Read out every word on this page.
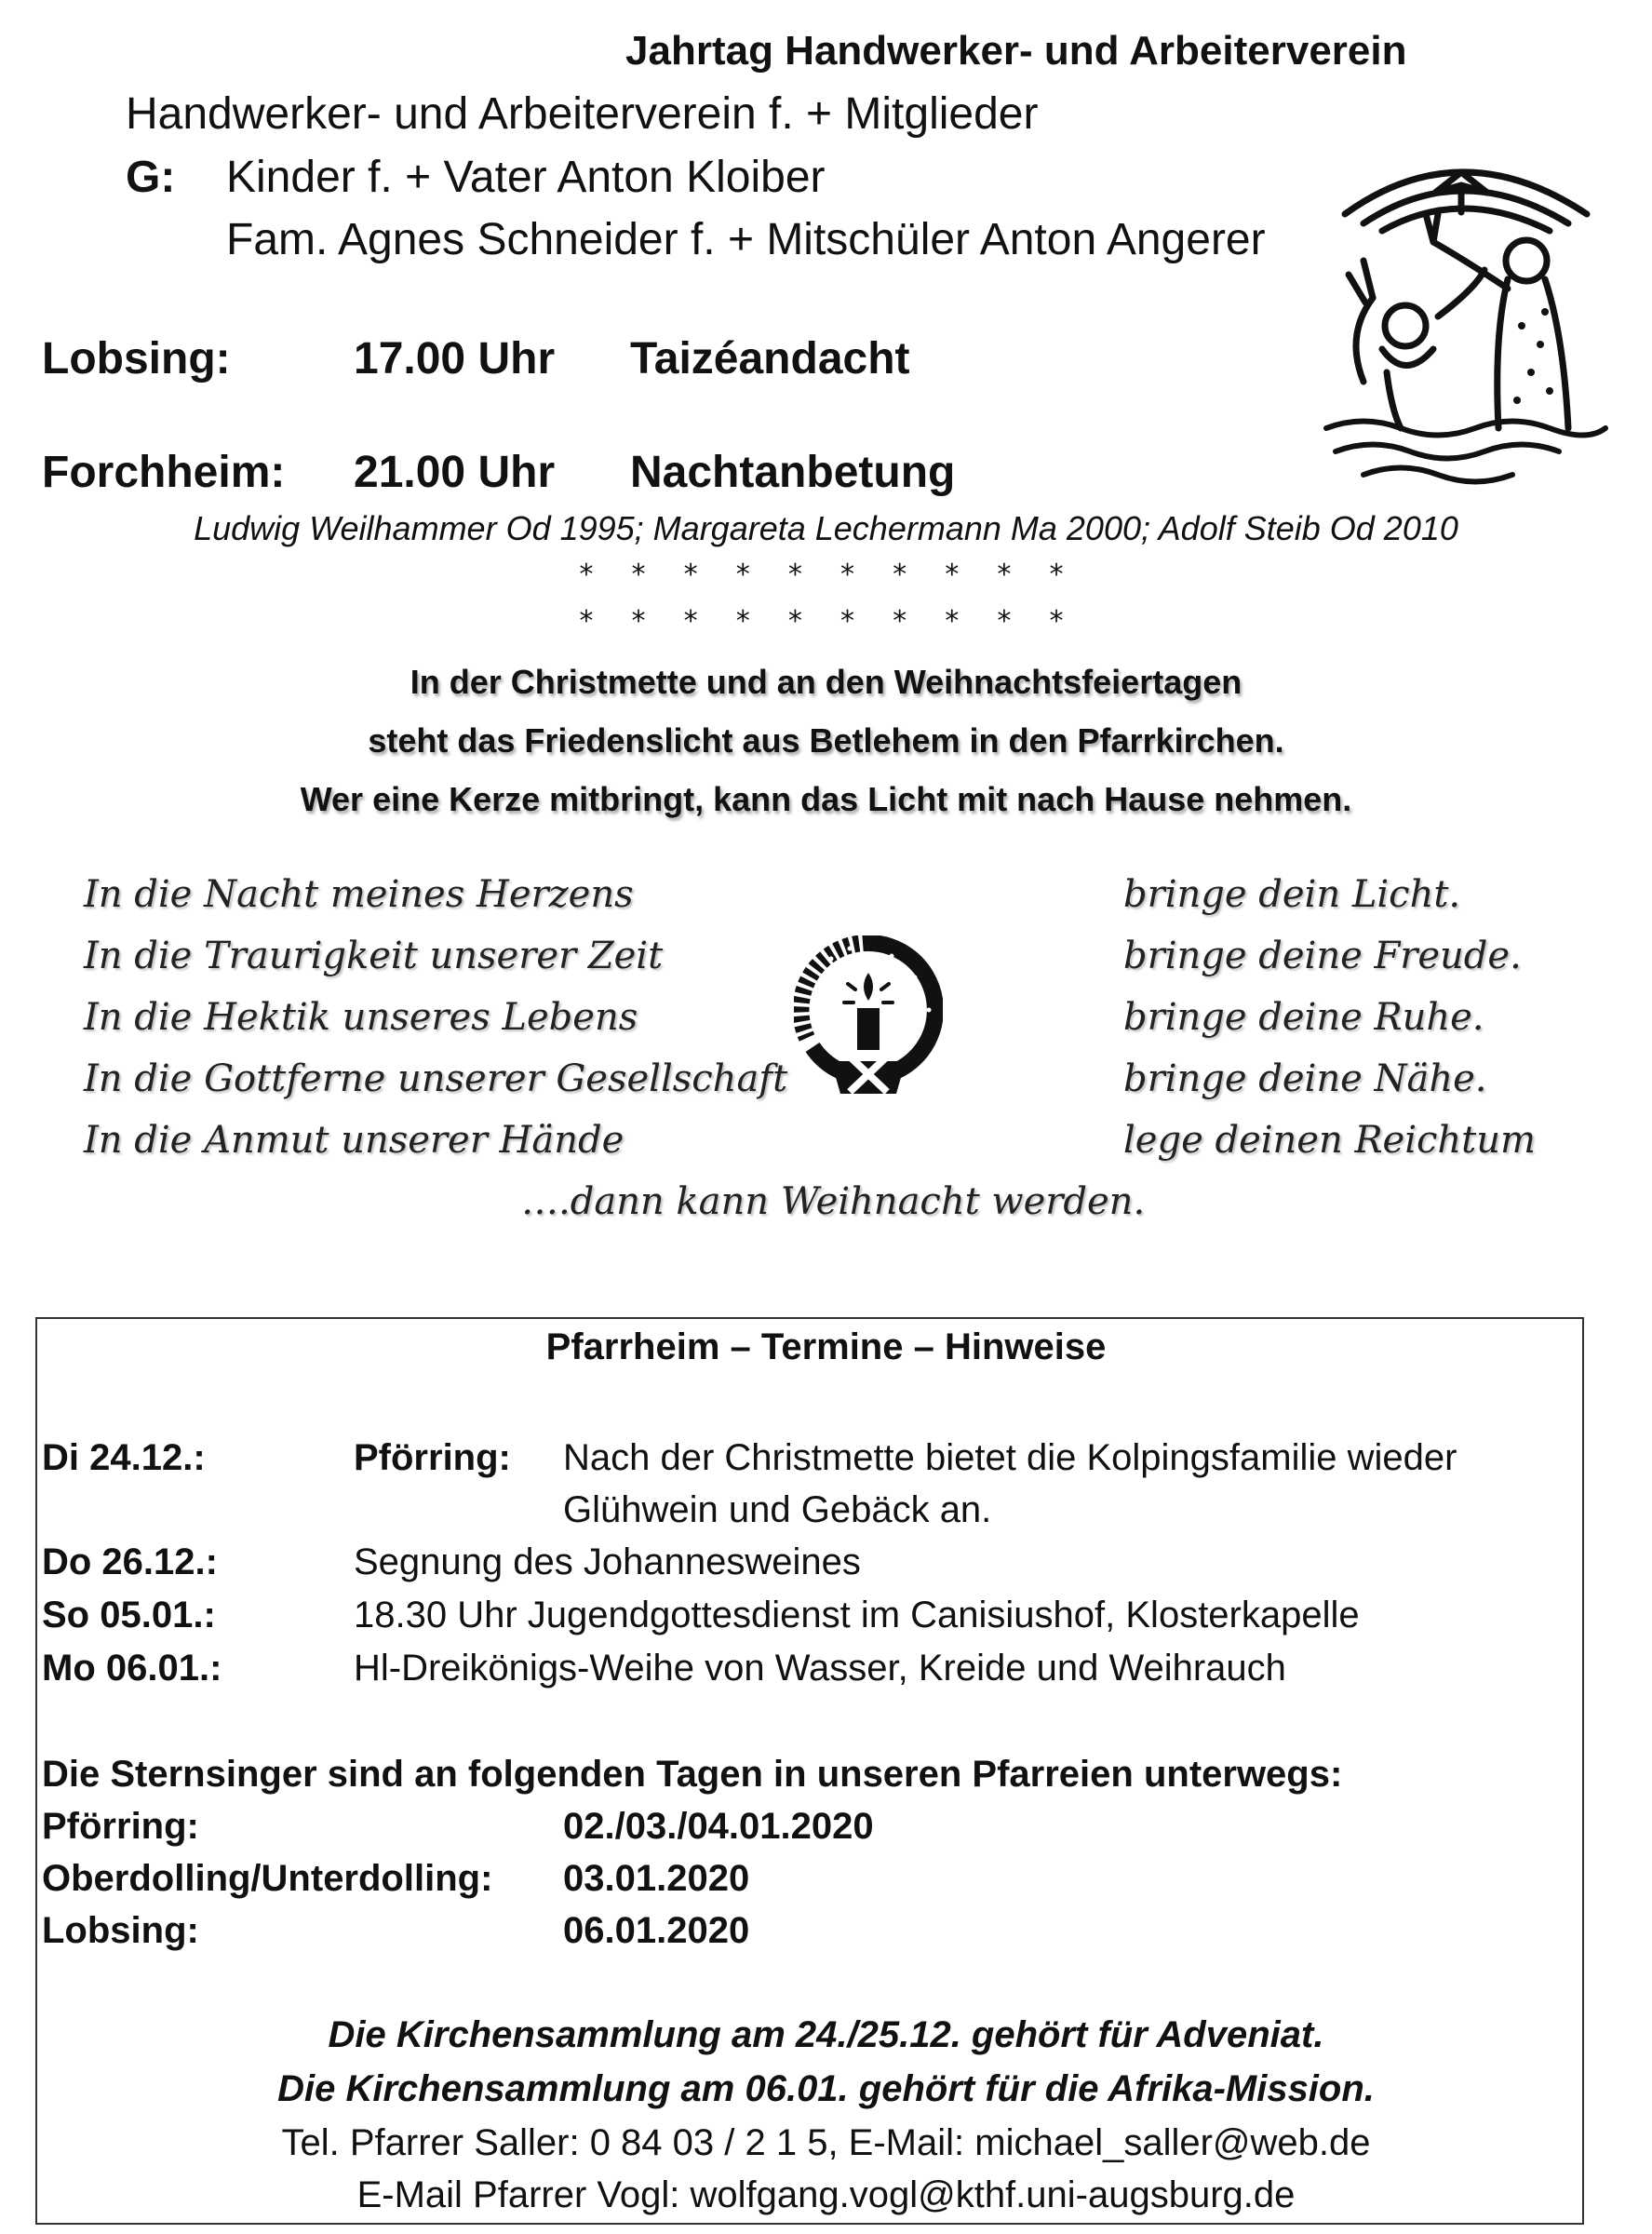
Jahrtag Handwerker- und Arbeiterverein
Handwerker- und Arbeiterverein f. + Mitglieder
G: Kinder f. + Vater Anton Kloiber
Fam. Agnes Schneider f. + Mitschüler Anton Angerer
Lobsing:	17.00 Uhr Taizéandacht
Forchheim: 21.00 Uhr Nachtanbetung
Ludwig Weilhammer Od 1995; Margareta Lechermann Ma 2000; Adolf Steib Od 2010
* * * * * * * * * *
* * * * * * * * * *
In der Christmette und an den Weihnachtsfeiertagen
steht das Friedenslicht aus Betlehem in den Pfarrkirchen.
Wer eine Kerze mitbringt, kann das Licht mit nach Hause nehmen.
In die Nacht meines Herzens
In die Traurigkeit unserer Zeit
In die Hektik unseres Lebens
In die Gottferne unserer Gesellschaft
In die Anmut unserer Hände
bringe dein Licht.
bringe deine Freude.
bringe deine Ruhe.
bringe deine Nähe.
lege deinen Reichtum
….dann kann Weihnacht werden.
Pfarrheim – Termine – Hinweise
Di 24.12.:	Pförring: Nach der Christmette bietet die Kolpingsfamilie wieder
Glühwein und Gebäck an.
Do 26.12.:	Segnung des Johannesweines
So 05.01.:	18.30 Uhr Jugendgottesdienst im Canisiushof, Klosterkapelle
Mo 06.01.:	Hl-Dreikönigs-Weihe von Wasser, Kreide und Weihrauch
Die Sternsinger sind an folgenden Tagen in unseren Pfarreien unterwegs:
Pförring:	02./03./04.01.2020
Oberdolling/Unterdolling: 03.01.2020
Lobsing:	06.01.2020
Die Kirchensammlung am 24./25.12. gehört für Adveniat.
Die Kirchensammlung am 06.01. gehört für die Afrika-Mission.
Tel. Pfarrer Saller: 0 84 03 / 2 1 5, E-Mail: michael_saller@web.de
E-Mail Pfarrer Vogl: wolfgang.vogl@kthf.uni-augsburg.de
